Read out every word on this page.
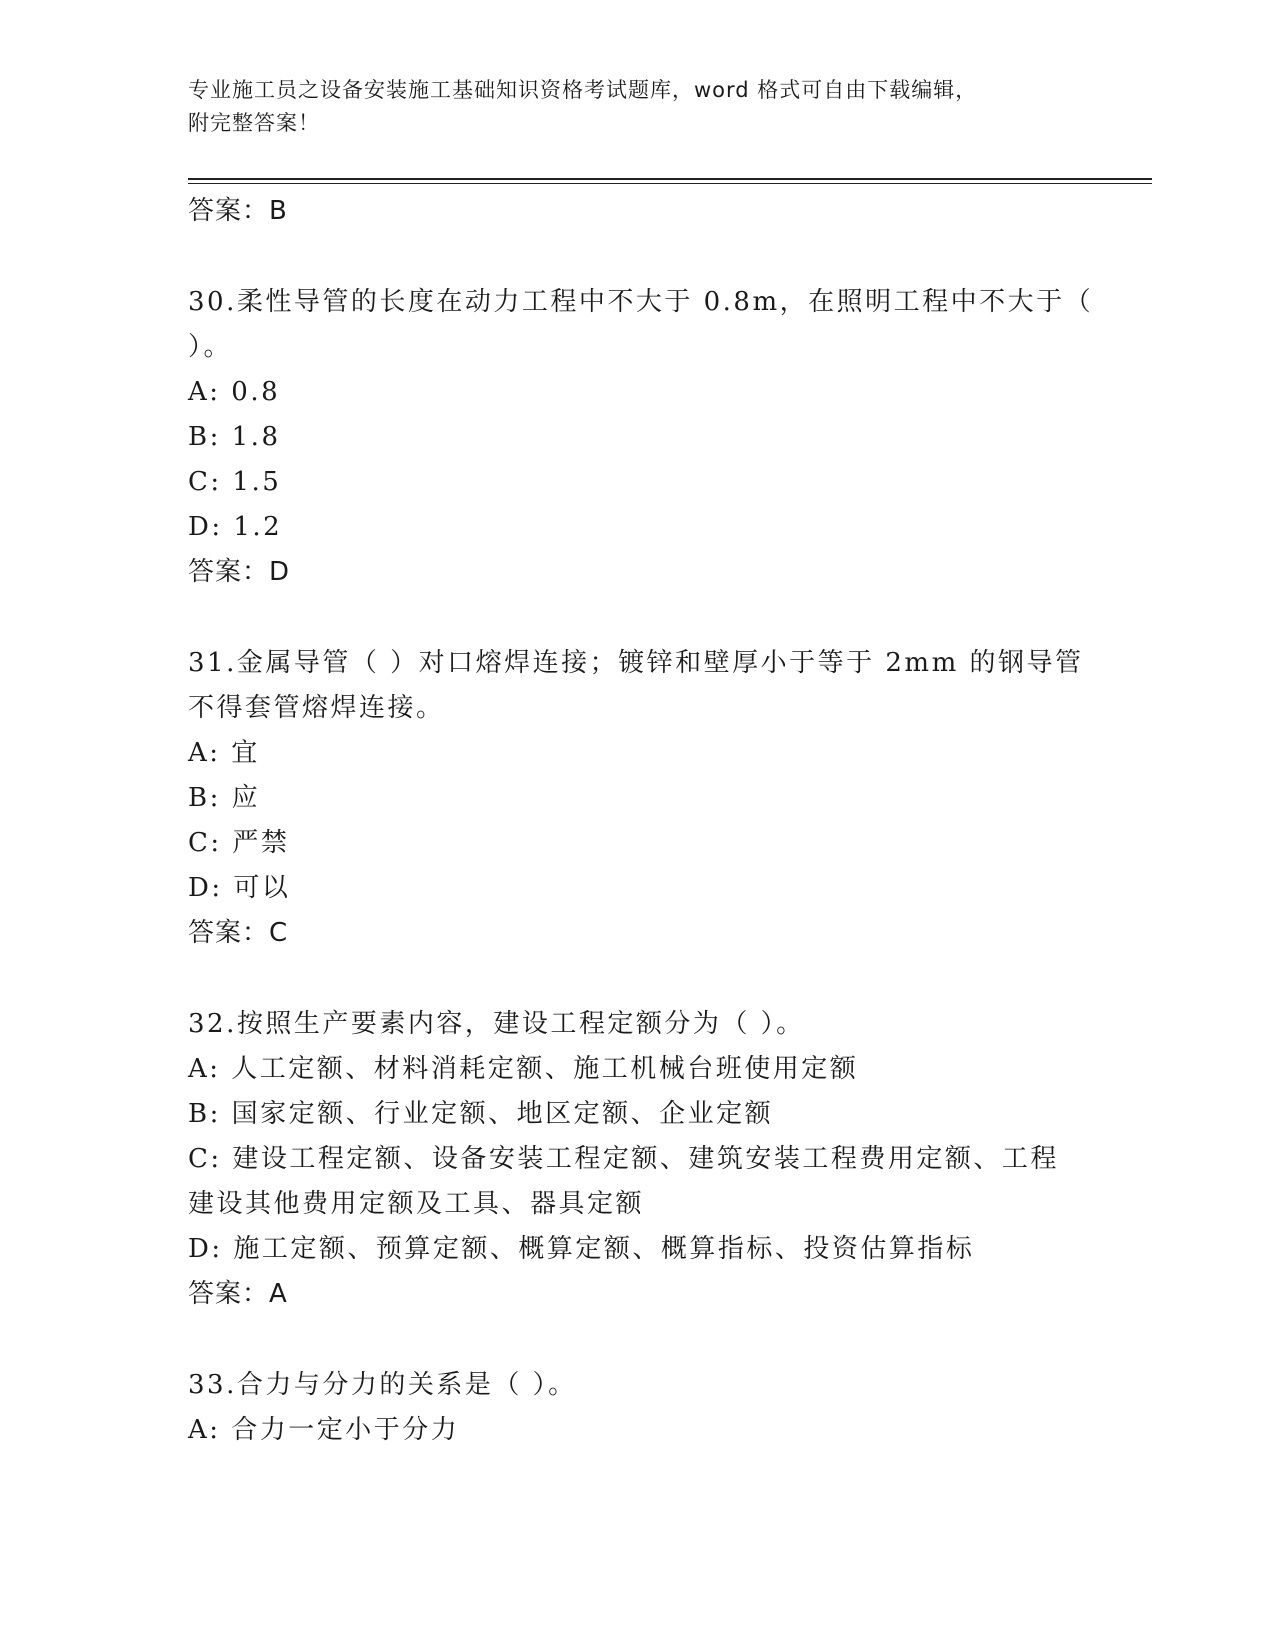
专业施工员之设备安装施工基础知识资格考试题库，word 格式可自由下载编辑，
附完整答案！
答案：B
30.柔性导管的长度在动力工程中不大于 0.8m，在照明工程中不大于（
）。
A: 0.8
B: 1.8
C: 1.5
D: 1.2
答案：D
31.金属导管（ ）对口熔焊连接；镀锌和壁厚小于等于 2mm 的钢导管
不得套管熔焊连接。
A: 宜
B: 应
C: 严禁
D: 可以
答案：C
32.按照生产要素内容，建设工程定额分为（ ）。
A: 人工定额、材料消耗定额、施工机械台班使用定额
B: 国家定额、行业定额、地区定额、企业定额
C: 建设工程定额、设备安装工程定额、建筑安装工程费用定额、工程
建设其他费用定额及工具、器具定额
D: 施工定额、预算定额、概算定额、概算指标、投资估算指标
答案：A
33.合力与分力的关系是（ ）。
A: 合力一定小于分力
